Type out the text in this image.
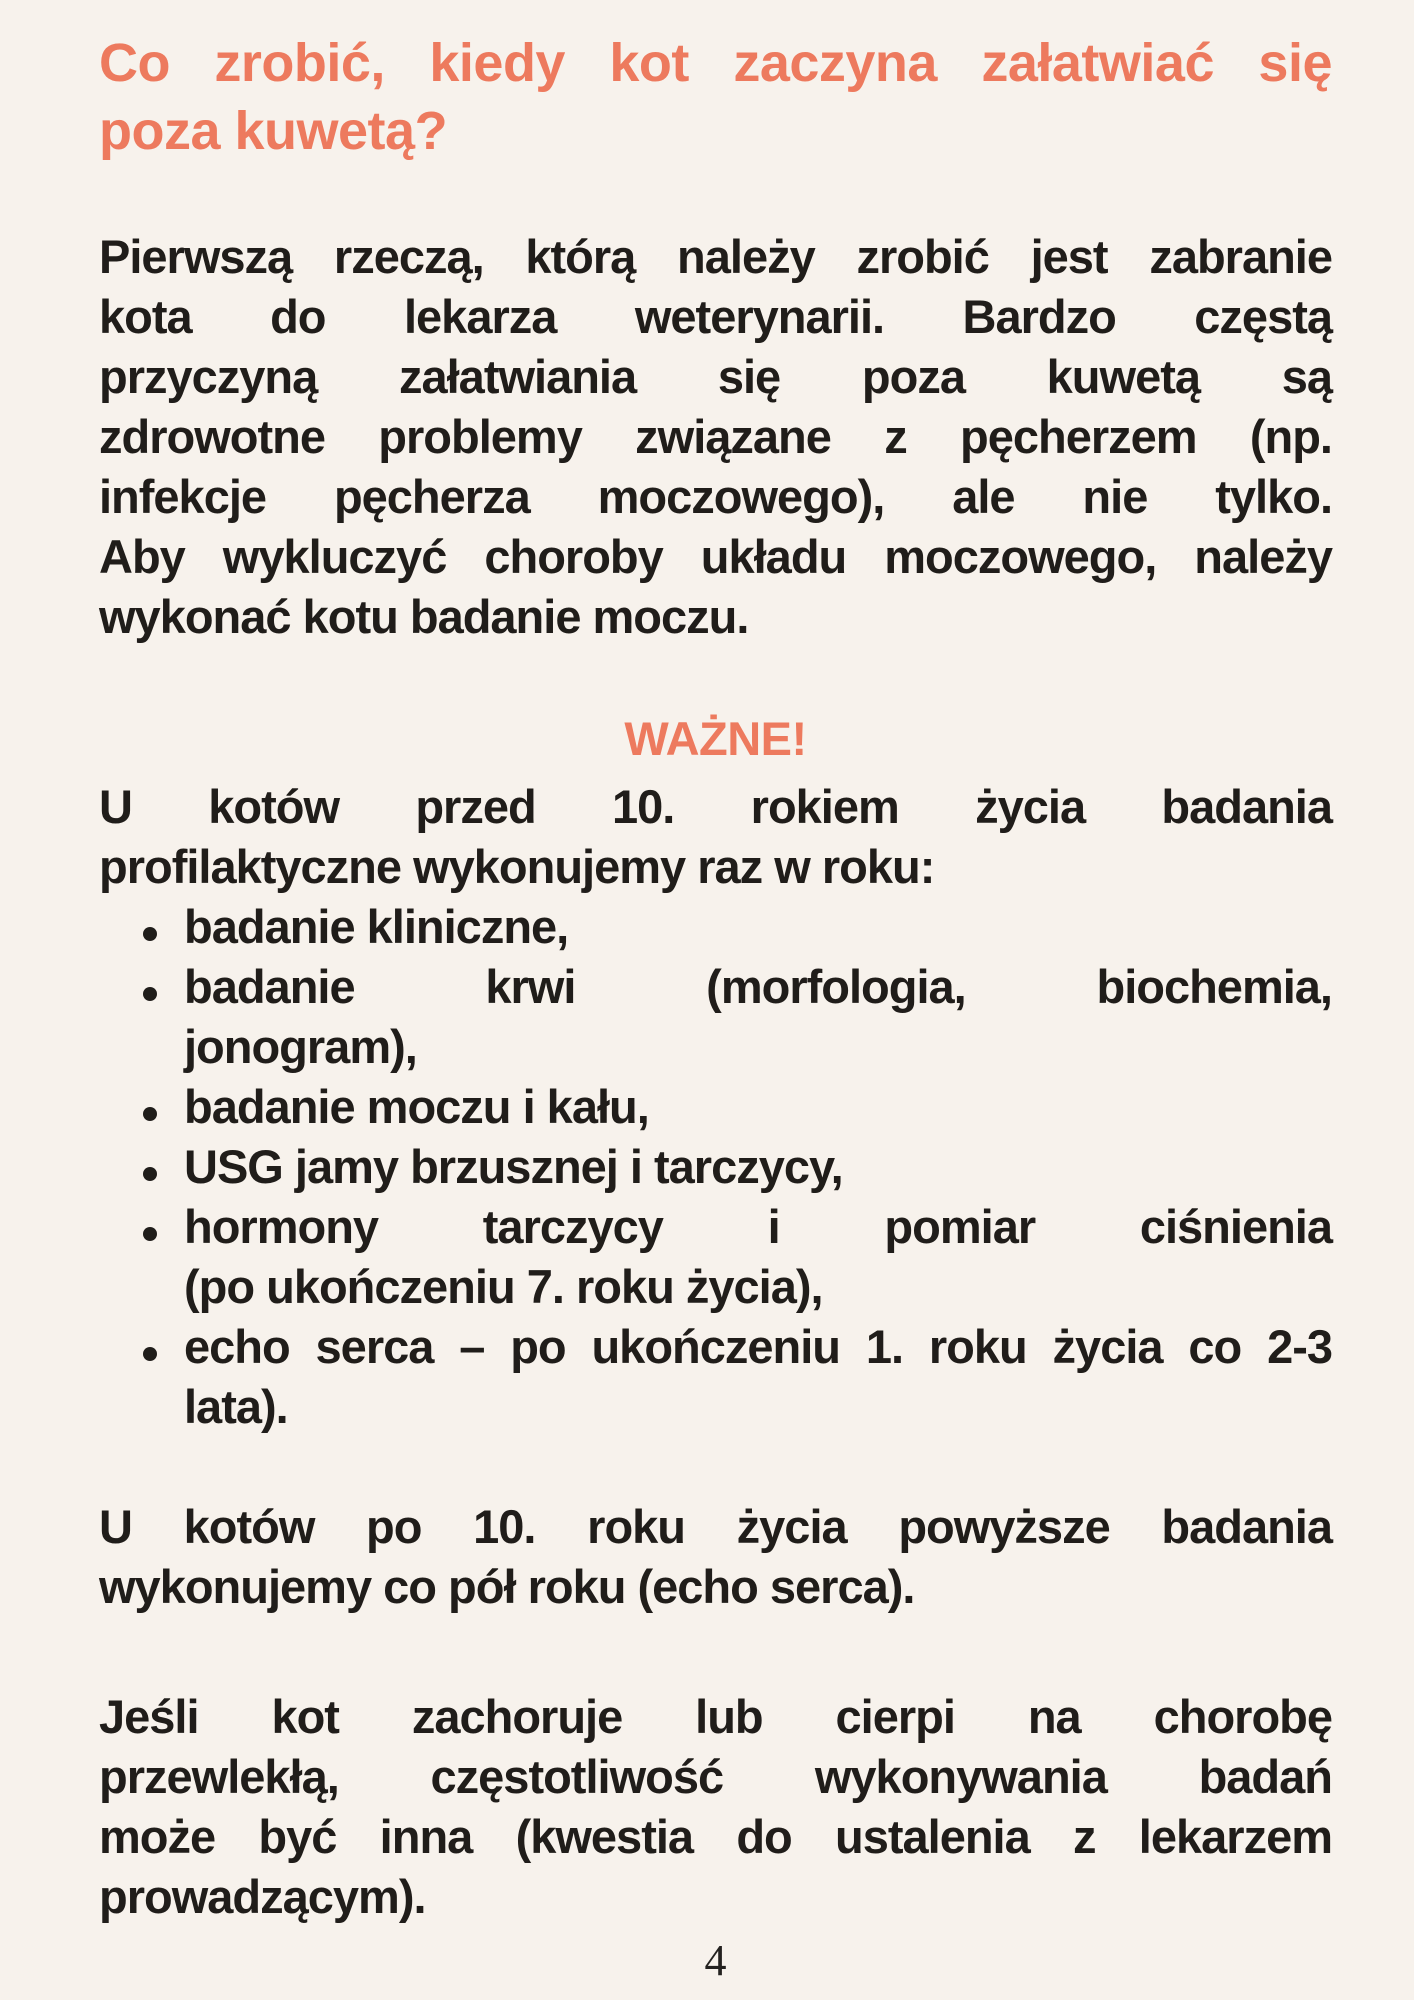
Co zrobić, kiedy kot zaczyna załatwiać się
poza kuwetą?
Pierwszą rzeczą, którą należy zrobić jest zabranie
kota do lekarza weterynarii. Bardzo częstą
przyczyną załatwiania się poza kuwetą są
zdrowotne problemy związane z pęcherzem (np.
infekcje pęcherza moczowego), ale nie tylko.
Aby wykluczyć choroby układu moczowego, należy
wykonać kotu badanie moczu.
WAŻNE!
U kotów przed 10. rokiem życia badania
profilaktyczne wykonujemy raz w roku:
badanie kliniczne,
badanie krwi (morfologia, biochemia,
jonogram),
badanie moczu i kału,
USG jamy brzusznej i tarczycy,
hormony tarczycy i pomiar ciśnienia
(po ukończeniu 7. roku życia),
echo serca – po ukończeniu 1. roku życia co 2-3
lata).
U kotów po 10. roku życia powyższe badania
wykonujemy co pół roku (echo serca).
Jeśli kot zachoruje lub cierpi na chorobę
przewlekłą, częstotliwość wykonywania badań
może być inna (kwestia do ustalenia z lekarzem
prowadzącym).
4
